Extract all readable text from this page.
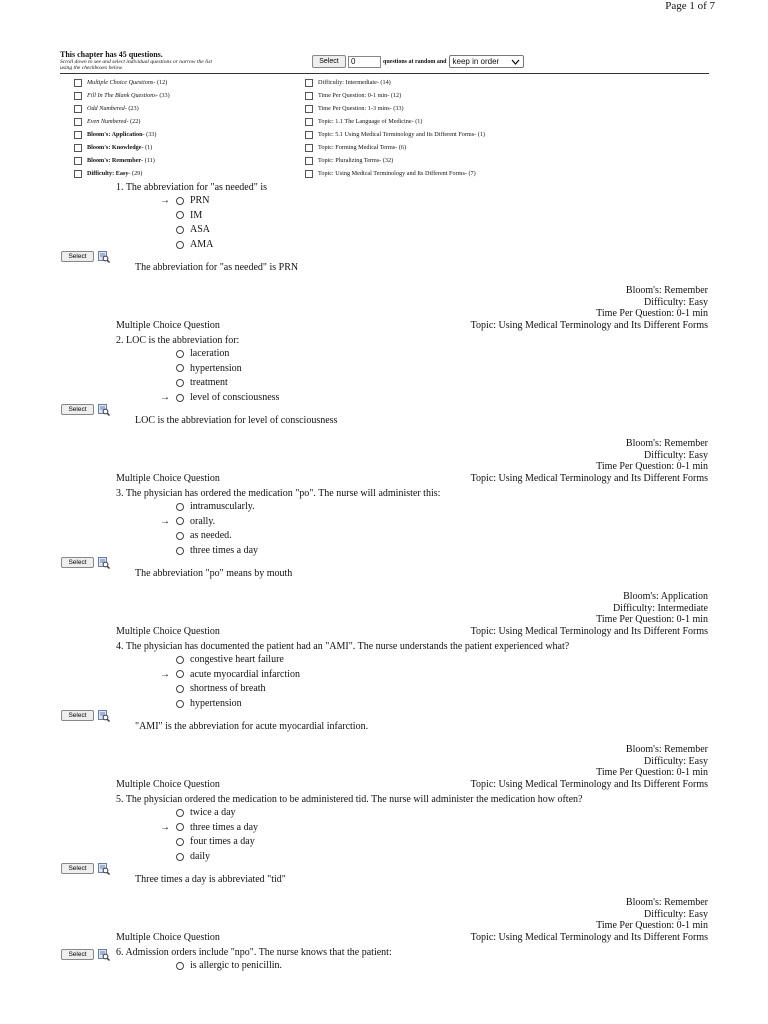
Page 1 of 7
This chapter has 45 questions.
Scroll down to see and select individual questions or narrow the list using the checkboxes below.
Select	0	questions at random and keep in order
Multiple Choice Questions - (12)
Fill In The Blank Questions - (33)
Odd Numbered - (23)
Even Numbered - (22)
Bloom's: Application - (33)
Bloom's: Knowledge - (1)
Bloom's: Remember - (11)
Difficulty: Easy - (29)
Difficulty: Intermediate - (14)
Time Per Question: 0-1 min - (12)
Time Per Question: 1-3 mins - (33)
Topic: 1.1 The Language of Medicine - (1)
Topic: 5.1 Using Medical Terminology and Its Different Forms - (1)
Topic: Forming Medical Terms - (6)
Topic: Pluralizing Terms - (32)
Topic: Using Medical Terminology and Its Different Forms - (7)
1. The abbreviation for "as needed" is
→	PRN
IM
ASA
AMA
Select
The abbreviation for "as needed" is PRN
Bloom's: Remember
Difficulty: Easy
Time Per Question: 0-1 min
Multiple Choice Question	Topic: Using Medical Terminology and Its Different Forms
2. LOC is the abbreviation for:
laceration
hypertension
treatment
→	level of consciousness
Select
LOC is the abbreviation for level of consciousness
Bloom's: Remember
Difficulty: Easy
Time Per Question: 0-1 min
Multiple Choice Question	Topic: Using Medical Terminology and Its Different Forms
3. The physician has ordered the medication "po". The nurse will administer this:
intramuscularly.
→	orally.
as needed.
three times a day
Select
The abbreviation "po" means by mouth
Bloom's: Application
Difficulty: Intermediate
Time Per Question: 0-1 min
Multiple Choice Question	Topic: Using Medical Terminology and Its Different Forms
4. The physician has documented the patient had an "AMI". The nurse understands the patient experienced what?
congestive heart failure
→	acute myocardial infarction
shortness of breath
hypertension
Select
"AMI" is the abbreviation for acute myocardial infarction.
Bloom's: Remember
Difficulty: Easy
Time Per Question: 0-1 min
Multiple Choice Question	Topic: Using Medical Terminology and Its Different Forms
5. The physician ordered the medication to be administered tid. The nurse will administer the medication how often?
twice a day
→	three times a day
four times a day
daily
Select
Three times a day is abbreviated "tid"
Bloom's: Remember
Difficulty: Easy
Time Per Question: 0-1 min
Multiple Choice Question	Topic: Using Medical Terminology and Its Different Forms
Select	6. Admission orders include "npo". The nurse knows that the patient:
is allergic to penicillin.
